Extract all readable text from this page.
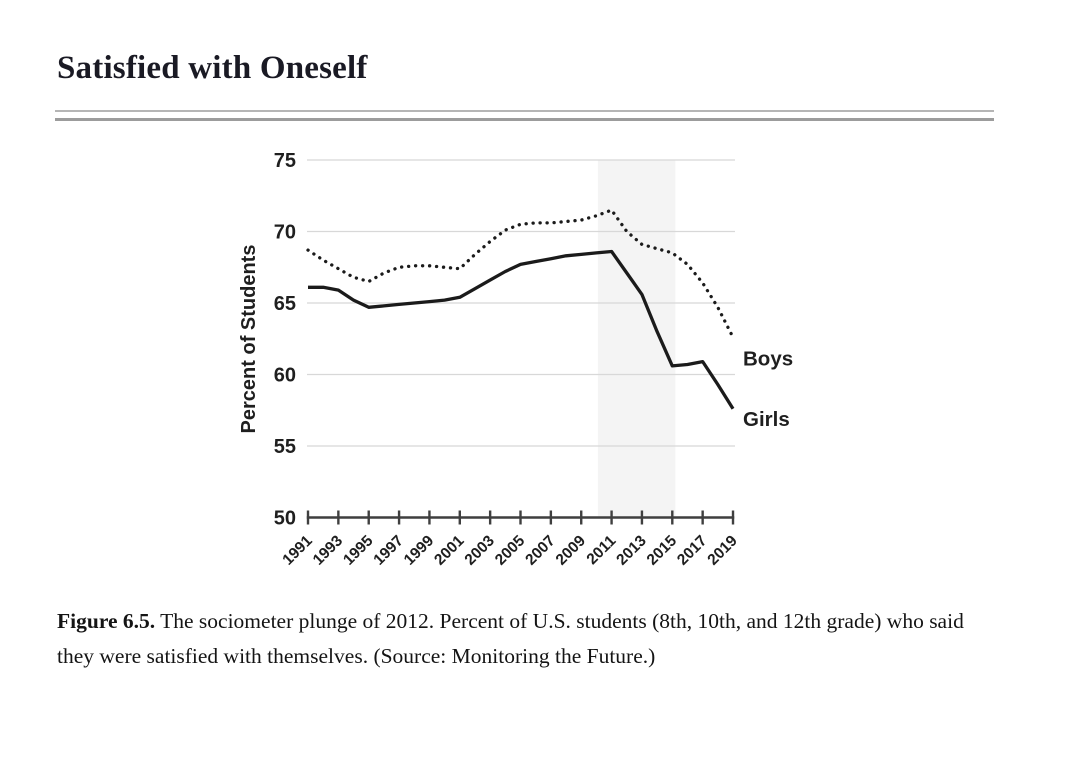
Satisfied with Oneself
50
55
60
65
70
75
1991
1993
1995
1997
1999
2001
2003
2005
2007
2009
2011
2013
2015
2017
2019
Percent of Students	Boys
Girls

Figure 6.5. The sociometer plunge of 2012. Percent of U.S. students (8th, 10th, and 12th grade) who said they were satisfied with themselves. (Source: Monitoring the Future.)
